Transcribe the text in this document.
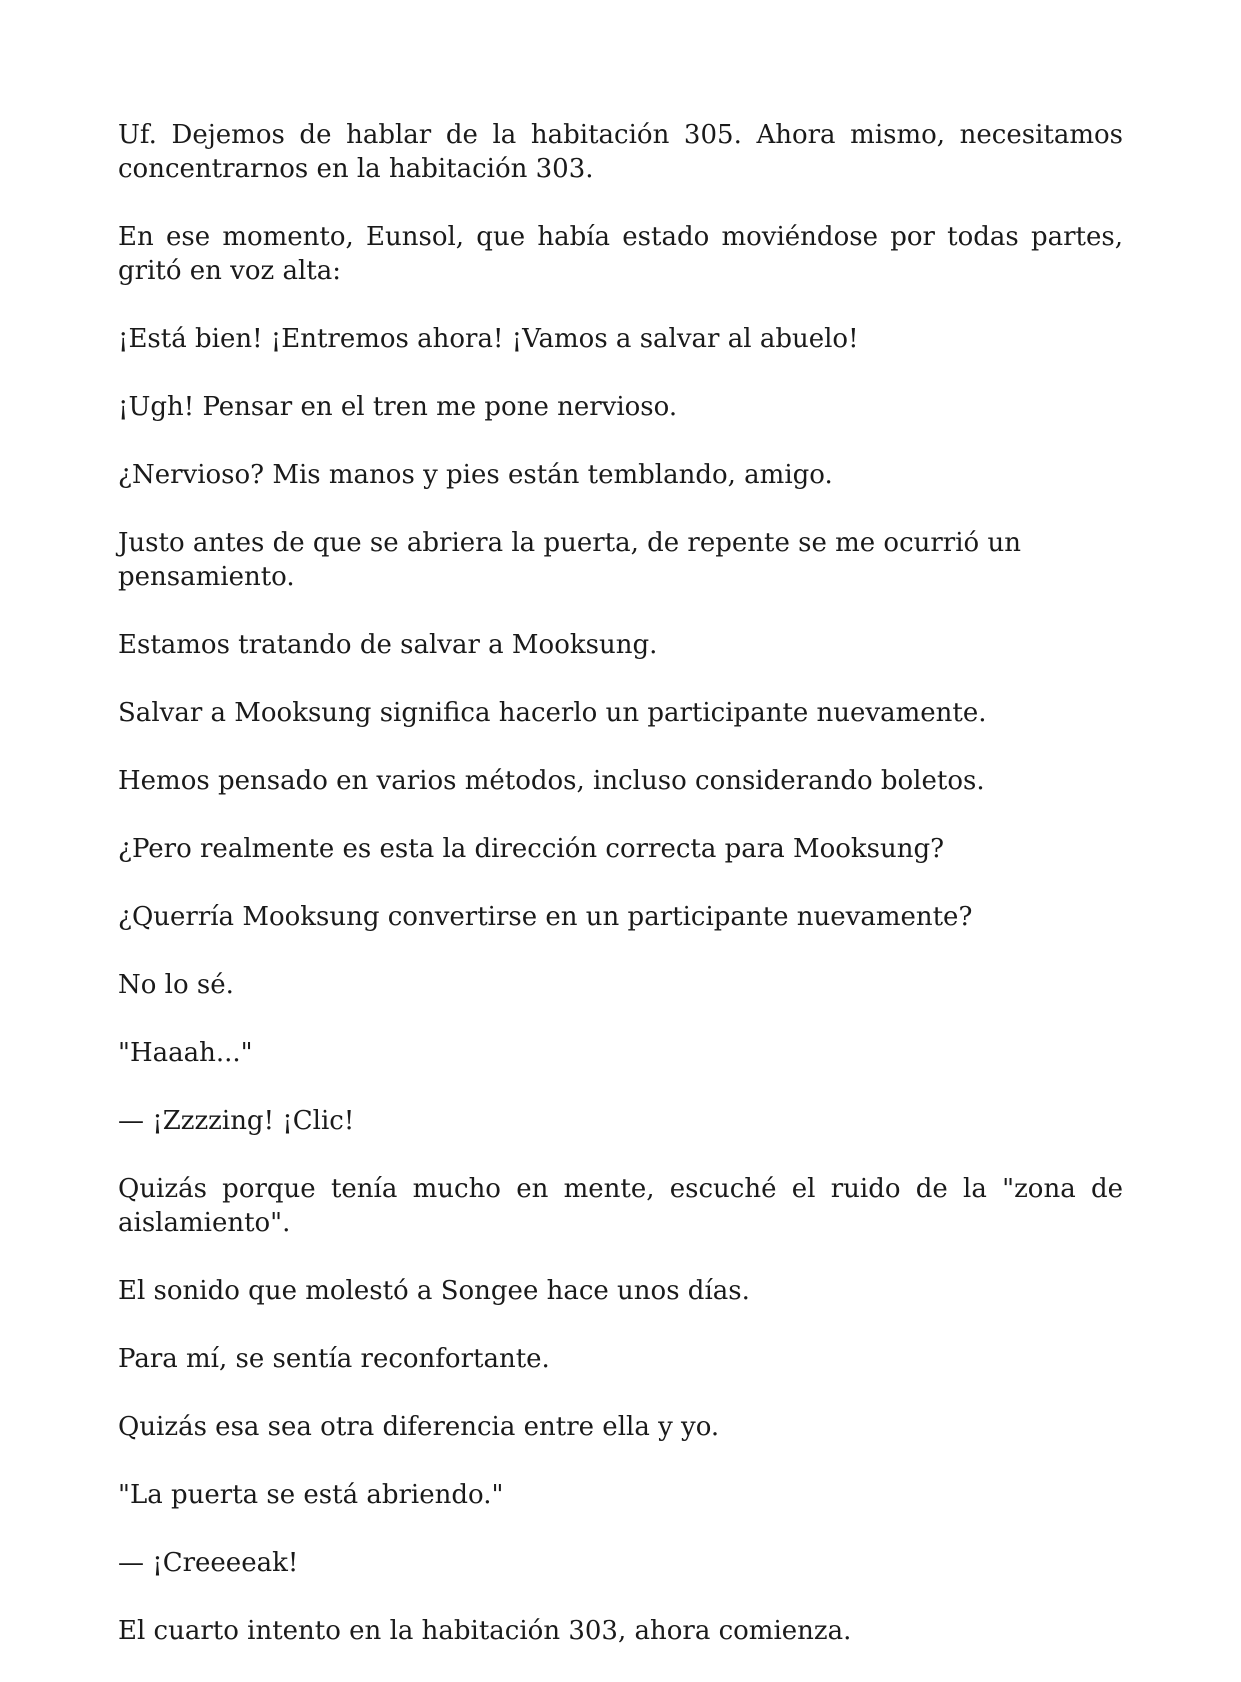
Uf. Dejemos de hablar de la habitación 305. Ahora mismo, necesitamos concentrarnos en la habitación 303.

En ese momento, Eunsol, que había estado moviéndose por todas partes, gritó en voz alta:

¡Está bien! ¡Entremos ahora! ¡Vamos a salvar al abuelo!

¡Ugh! Pensar en el tren me pone nervioso.

¿Nervioso? Mis manos y pies están temblando, amigo.

Justo antes de que se abriera la puerta, de repente se me ocurrió un pensamiento.

Estamos tratando de salvar a Mooksung.

Salvar a Mooksung significa hacerlo un participante nuevamente.

Hemos pensado en varios métodos, incluso considerando boletos.

¿Pero realmente es esta la dirección correcta para Mooksung?

¿Querría Mooksung convertirse en un participante nuevamente?

No lo sé.

"Haaah..."

— ¡Zzzzing! ¡Clic!

Quizás porque tenía mucho en mente, escuché el ruido de la "zona de aislamiento".

El sonido que molestó a Songee hace unos días.

Para mí, se sentía reconfortante.

Quizás esa sea otra diferencia entre ella y yo.

"La puerta se está abriendo."

— ¡Creeeeak!

El cuarto intento en la habitación 303, ahora comienza.
